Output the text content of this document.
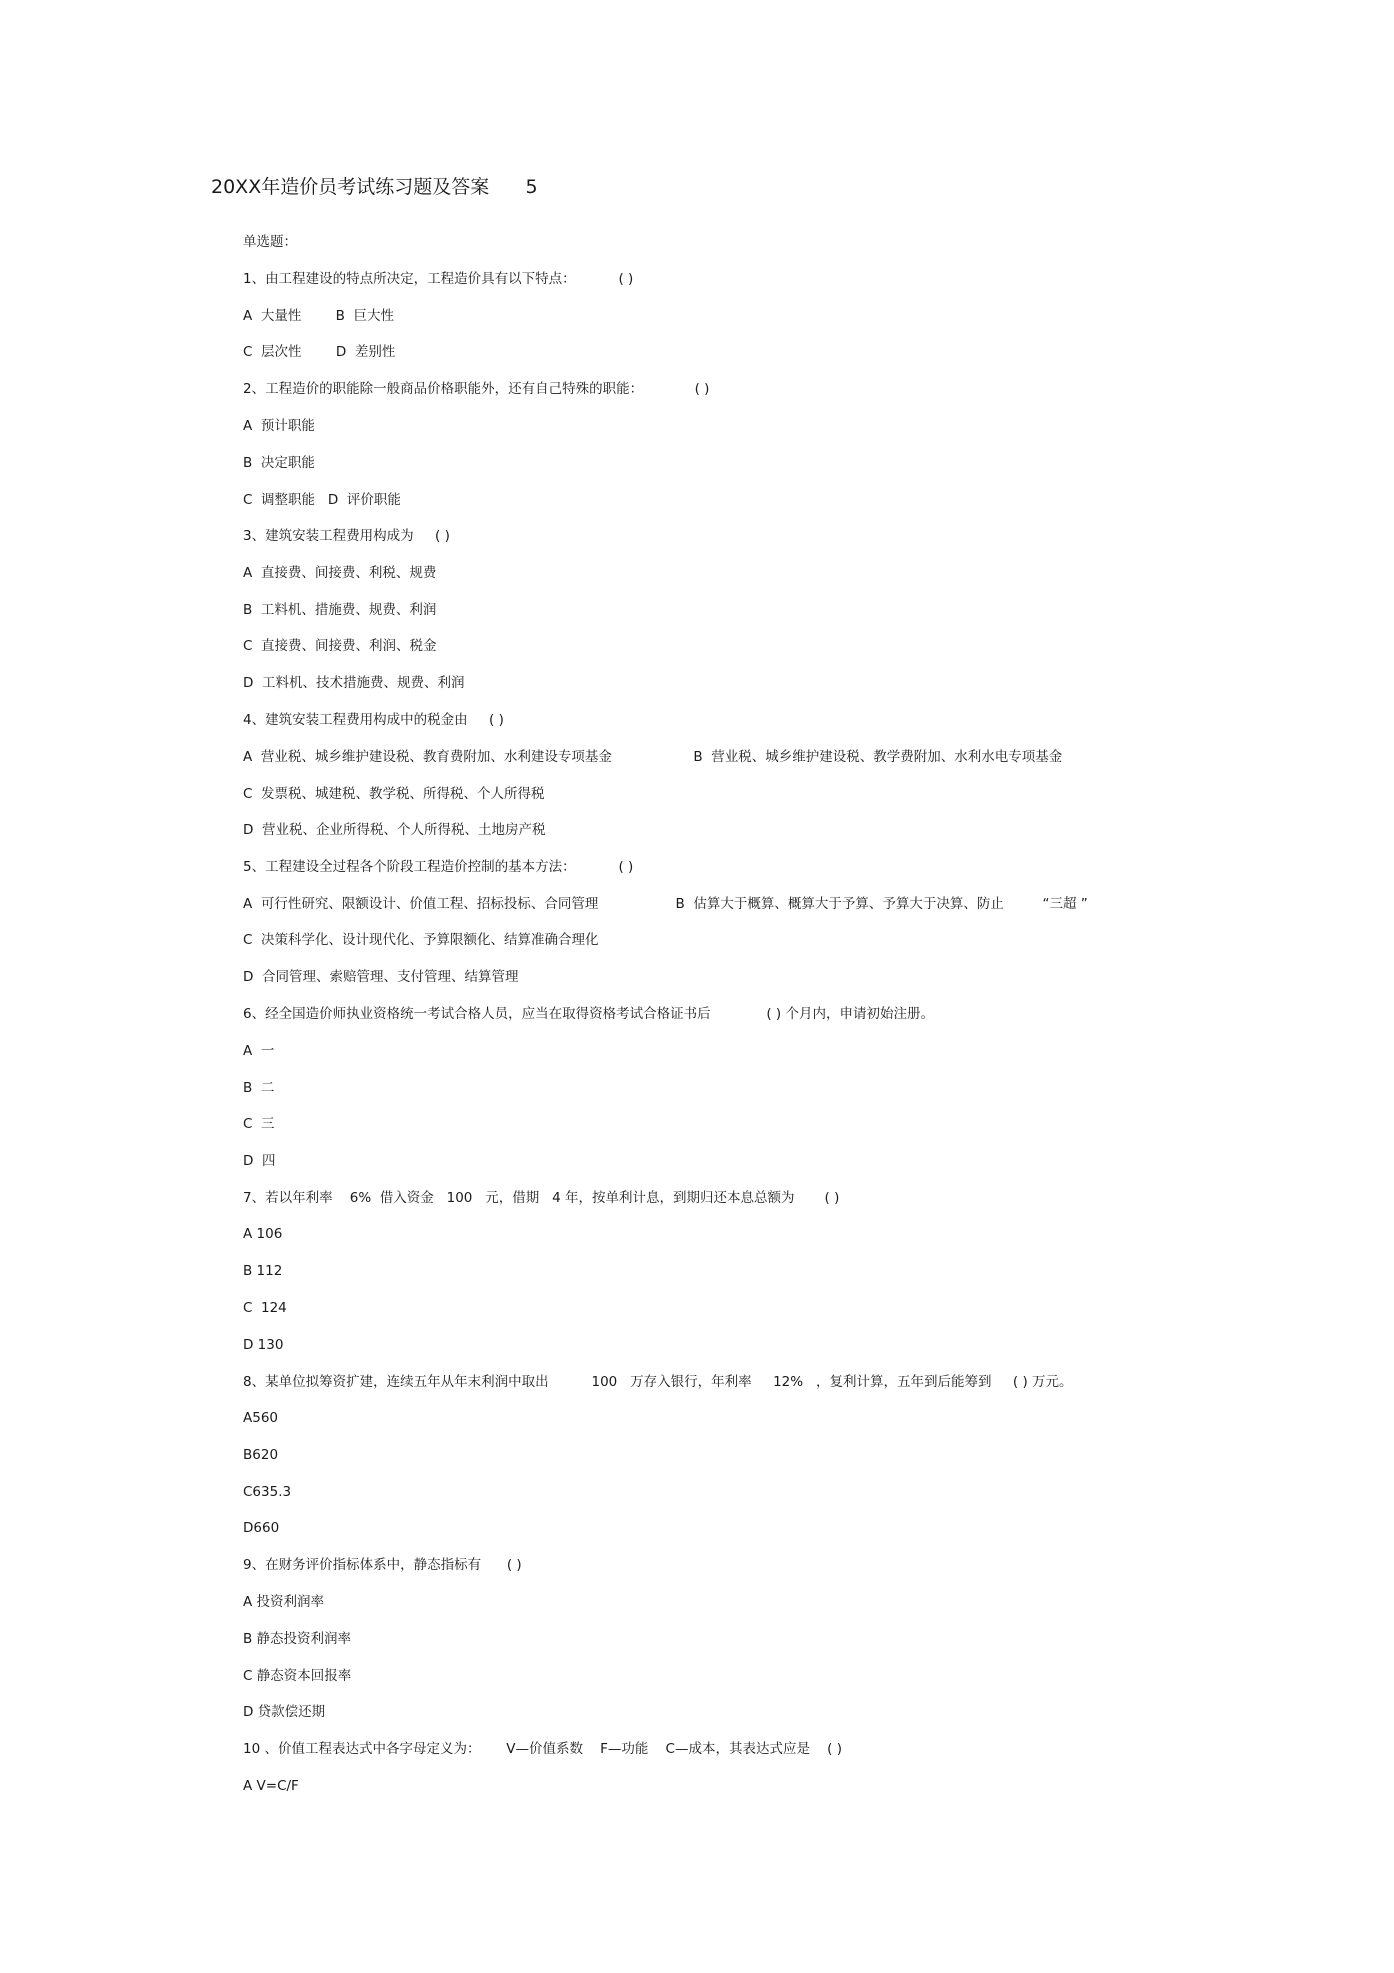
20XX年造价员考试练习题及答案      5
单选题：
1、由工程建设的特点所决定，工程造价具有以下特点：          ( )
A  大量性        B  巨大性
C  层次性        D  差别性
2、工程造价的职能除一般商品价格职能外，还有自己特殊的职能：            ( )
A  预计职能
B  决定职能
C  调整职能   D  评价职能
3、建筑安装工程费用构成为     ( )
A  直接费、间接费、利税、规费
B  工料机、措施费、规费、利润
C  直接费、间接费、利润、税金
D  工料机、技术措施费、规费、利润
4、建筑安装工程费用构成中的税金由     ( )
A  营业税、城乡维护建设税、教育费附加、水利建设专项基金                   B  营业税、城乡维护建设税、教学费附加、水利水电专项基金
C  发票税、城建税、教学税、所得税、个人所得税
D  营业税、企业所得税、个人所得税、土地房产税
5、工程建设全过程各个阶段工程造价控制的基本方法：          ( )
A  可行性研究、限额设计、价值工程、招标投标、合同管理                  B  估算大于概算、概算大于予算、予算大于决算、防止         “三超 ”
C  决策科学化、设计现代化、予算限额化、结算准确合理化
D  合同管理、索赔管理、支付管理、结算管理
6、经全国造价师执业资格统一考试合格人员，应当在取得资格考试合格证书后             ( ) 个月内，申请初始注册。
A  一
B  二
C  三
D  四
7、若以年利率    6%  借入资金   100   元，借期   4 年，按单利计息，到期归还本息总额为       ( )
A 106
B 112
C  124
D 130
8、某单位拟筹资扩建，连续五年从年末利润中取出          100   万存入银行，年利率     12%   ，复利计算，五年到后能筹到     ( ) 万元。
A560
B620
C635.3
D660
9、在财务评价指标体系中，静态指标有      ( )
A 投资利润率
B 静态投资利润率
C 静态资本回报率
D 贷款偿还期
10 、价值工程表达式中各字母定义为：      V—价值系数    F—功能    C—成本，其表达式应是    ( )
A V=C/F
